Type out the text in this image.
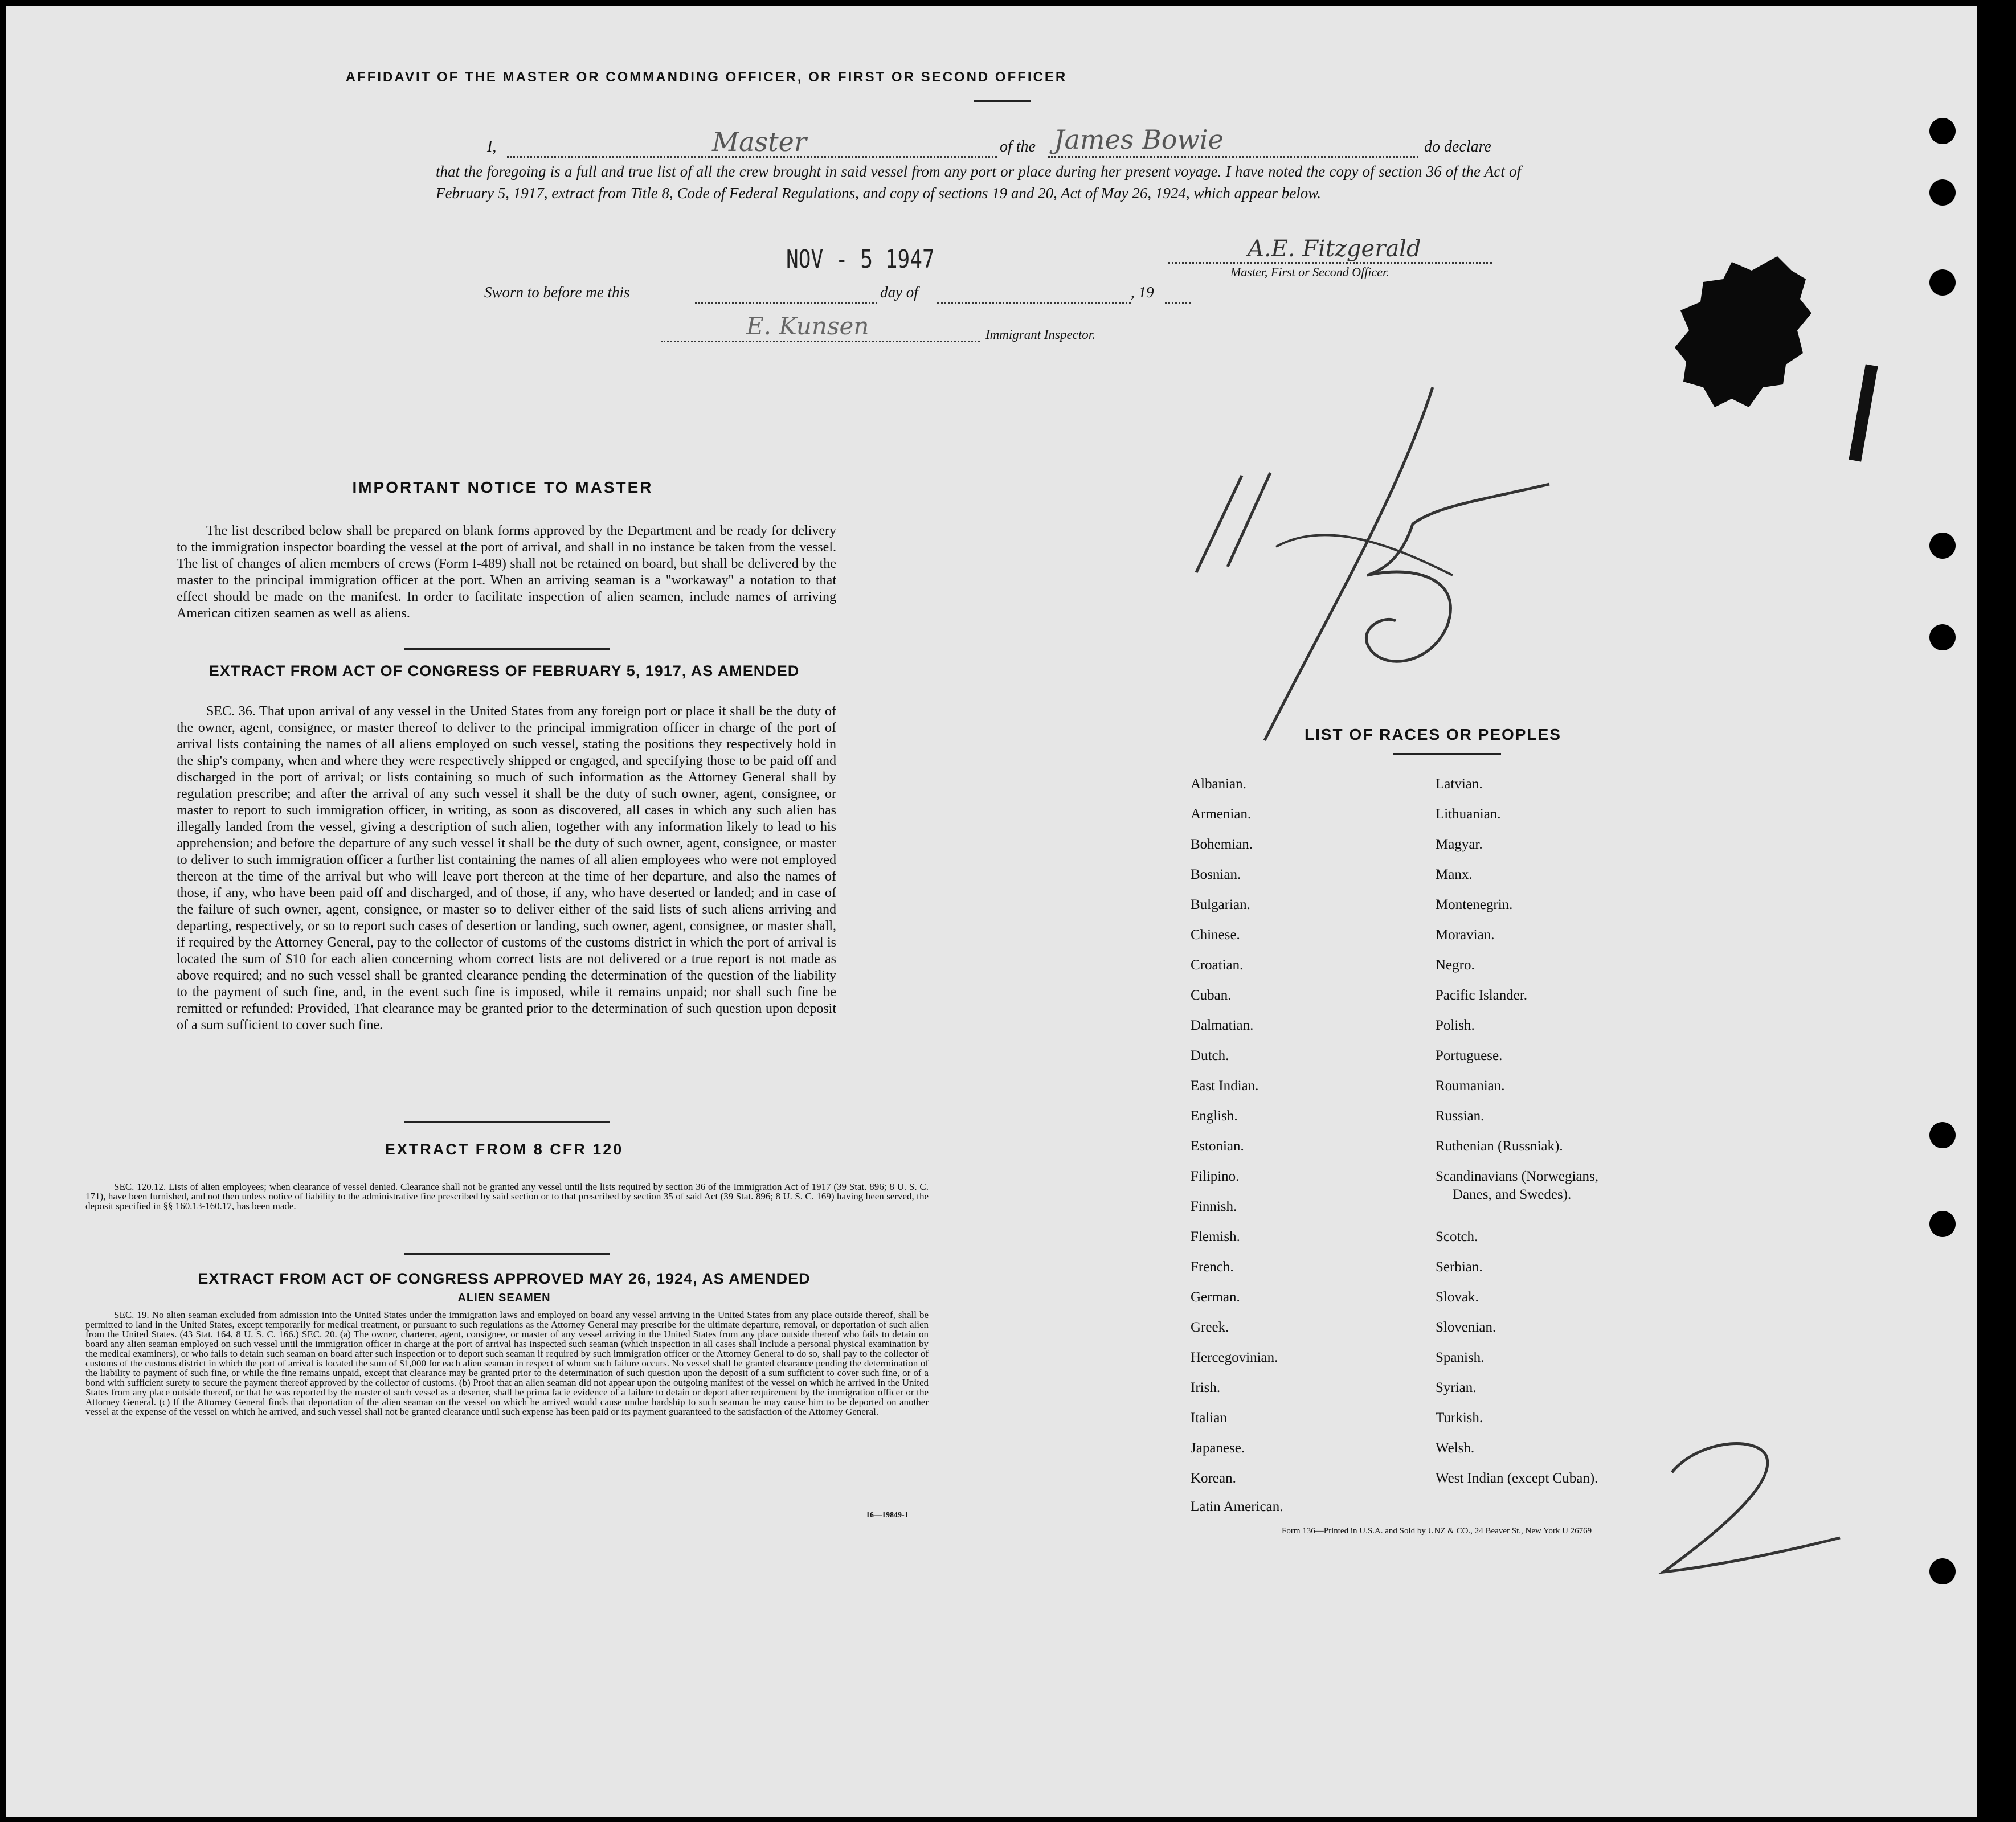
AFFIDAVIT OF THE MASTER OR COMMANDING OFFICER, OR FIRST OR SECOND OFFICER
I,	Master	of the James Bowie	do declare
that the foregoing is a full and true list of all the crew brought in said vessel from any port or place during her present voyage. I have noted the copy of section 36 of the Act of February 5, 1917, extract from Title 8, Code of Federal Regulations, and copy of sections 19 and 20, Act of May 26, 1924, which appear below.
NOV - 5 1947	A.E. Fitzgerald
Master, First or Second Officer.
Sworn to before me this	day of	, 19
E. Kunsen	Immigrant Inspector.
IMPORTANT NOTICE TO MASTER
The list described below shall be prepared on blank forms approved by the Department and be ready for delivery to the immigration inspector boarding the vessel at the port of arrival, and shall in no instance be taken from the vessel. The list of changes of alien members of crews (Form I-489) shall not be retained on board, but shall be delivered by the master to the principal immigration officer at the port. When an arriving seaman is a "workaway" a notation to that effect should be made on the manifest. In order to facilitate inspection of alien seamen, include names of arriving American citizen seamen as well as aliens.
EXTRACT FROM ACT OF CONGRESS OF FEBRUARY 5, 1917, AS AMENDED
SEC. 36. That upon arrival of any vessel in the United States from any foreign port or place it shall be the duty of the owner, agent, consignee, or master thereof to deliver to the principal immigration officer in charge of the port of arrival lists containing the names of all aliens employed on such vessel, stating the positions they respectively hold in the ship's company, when and where they were respectively shipped or engaged, and specifying those to be paid off and discharged in the port of arrival; or lists containing so much of such information as the Attorney General shall by regulation prescribe; and after the arrival of any such vessel it shall be the duty of such owner, agent, consignee, or master to report to such immigration officer, in writing, as soon as discovered, all cases in which any such alien has illegally landed from the vessel, giving a description of such alien, together with any information likely to lead to his apprehension; and before the departure of any such vessel it shall be the duty of such owner, agent, consignee, or master to deliver to such immigration officer a further list containing the names of all alien employees who were not employed thereon at the time of the arrival but who will leave port thereon at the time of her departure, and also the names of those, if any, who have been paid off and discharged, and of those, if any, who have deserted or landed; and in case of the failure of such owner, agent, consignee, or master so to deliver either of the said lists of such aliens arriving and departing, respectively, or so to report such cases of desertion or landing, such owner, agent, consignee, or master shall, if required by the Attorney General, pay to the collector of customs of the customs district in which the port of arrival is located the sum of $10 for each alien concerning whom correct lists are not delivered or a true report is not made as above required; and no such vessel shall be granted clearance pending the determination of the question of the liability to the payment of such fine, and, in the event such fine is imposed, while it remains unpaid; nor shall such fine be remitted or refunded: Provided, That clearance may be granted prior to the determination of such question upon deposit of a sum sufficient to cover such fine.
EXTRACT FROM 8 CFR 120
SEC. 120.12. Lists of alien employees; when clearance of vessel denied. Clearance shall not be granted any vessel until the lists required by section 36 of the Immigration Act of 1917 (39 Stat. 896; 8 U. S. C. 171), have been furnished, and not then unless notice of liability to the administrative fine prescribed by said section or to that prescribed by section 35 of said Act (39 Stat. 896; 8 U. S. C. 169) having been served, the deposit specified in §§ 160.13-160.17, has been made.
EXTRACT FROM ACT OF CONGRESS APPROVED MAY 26, 1924, AS AMENDED
ALIEN SEAMEN
SEC. 19. No alien seaman excluded from admission into the United States under the immigration laws and employed on board any vessel arriving in the United States from any place outside thereof, shall be permitted to land in the United States, except temporarily for medical treatment, or pursuant to such regulations as the Attorney General may prescribe for the ultimate departure, removal, or deportation of such alien from the United States. (43 Stat. 164, 8 U. S. C. 166.) SEC. 20. (a) The owner, charterer, agent, consignee, or master of any vessel arriving in the United States from any place outside thereof who fails to detain on board any alien seaman employed on such vessel until the immigration officer in charge at the port of arrival has inspected such seaman (which inspection in all cases shall include a personal physical examination by the medical examiners), or who fails to detain such seaman on board after such inspection or to deport such seaman if required by such immigration officer or the Attorney General to do so, shall pay to the collector of customs of the customs district in which the port of arrival is located the sum of $1,000 for each alien seaman in respect of whom such failure occurs. No vessel shall be granted clearance pending the determination of the liability to payment of such fine, or while the fine remains unpaid, except that clearance may be granted prior to the determination of such question upon the deposit of a sum sufficient to cover such fine, or of a bond with sufficient surety to secure the payment thereof approved by the collector of customs. (b) Proof that an alien seaman did not appear upon the outgoing manifest of the vessel on which he arrived in the United States from any place outside thereof, or that he was reported by the master of such vessel as a deserter, shall be prima facie evidence of a failure to detain or deport after requirement by the immigration officer or the Attorney General. (c) If the Attorney General finds that deportation of the alien seaman on the vessel on which he arrived would cause undue hardship to such seaman he may cause him to be deported on another vessel at the expense of the vessel on which he arrived, and such vessel shall not be granted clearance until such expense has been paid or its payment guaranteed to the satisfaction of the Attorney General.
16—19849-1
LIST OF RACES OR PEOPLES
Albanian.
Armenian.
Bohemian.
Bosnian.
Bulgarian.
Chinese.
Croatian.
Cuban.
Dalmatian.
Dutch.
East Indian.
English.
Estonian.
Filipino.
Finnish.
Flemish.
French.
German.
Greek.
Hercegovinian.
Irish.
Italian
Japanese.
Korean.
Latin American.
Latvian.
Lithuanian.
Magyar.
Manx.
Montenegrin.
Moravian.
Negro.
Pacific Islander.
Polish.
Portuguese.
Roumanian.
Russian.
Ruthenian (Russniak).
Scandinavians (Norwegians,
Danes, and Swedes).
Scotch.
Serbian.
Slovak.
Slovenian.
Spanish.
Syrian.
Turkish.
Welsh.
West Indian (except Cuban).
Form 136—Printed in U.S.A. and Sold by UNZ & CO., 24 Beaver St., New York U 26769
